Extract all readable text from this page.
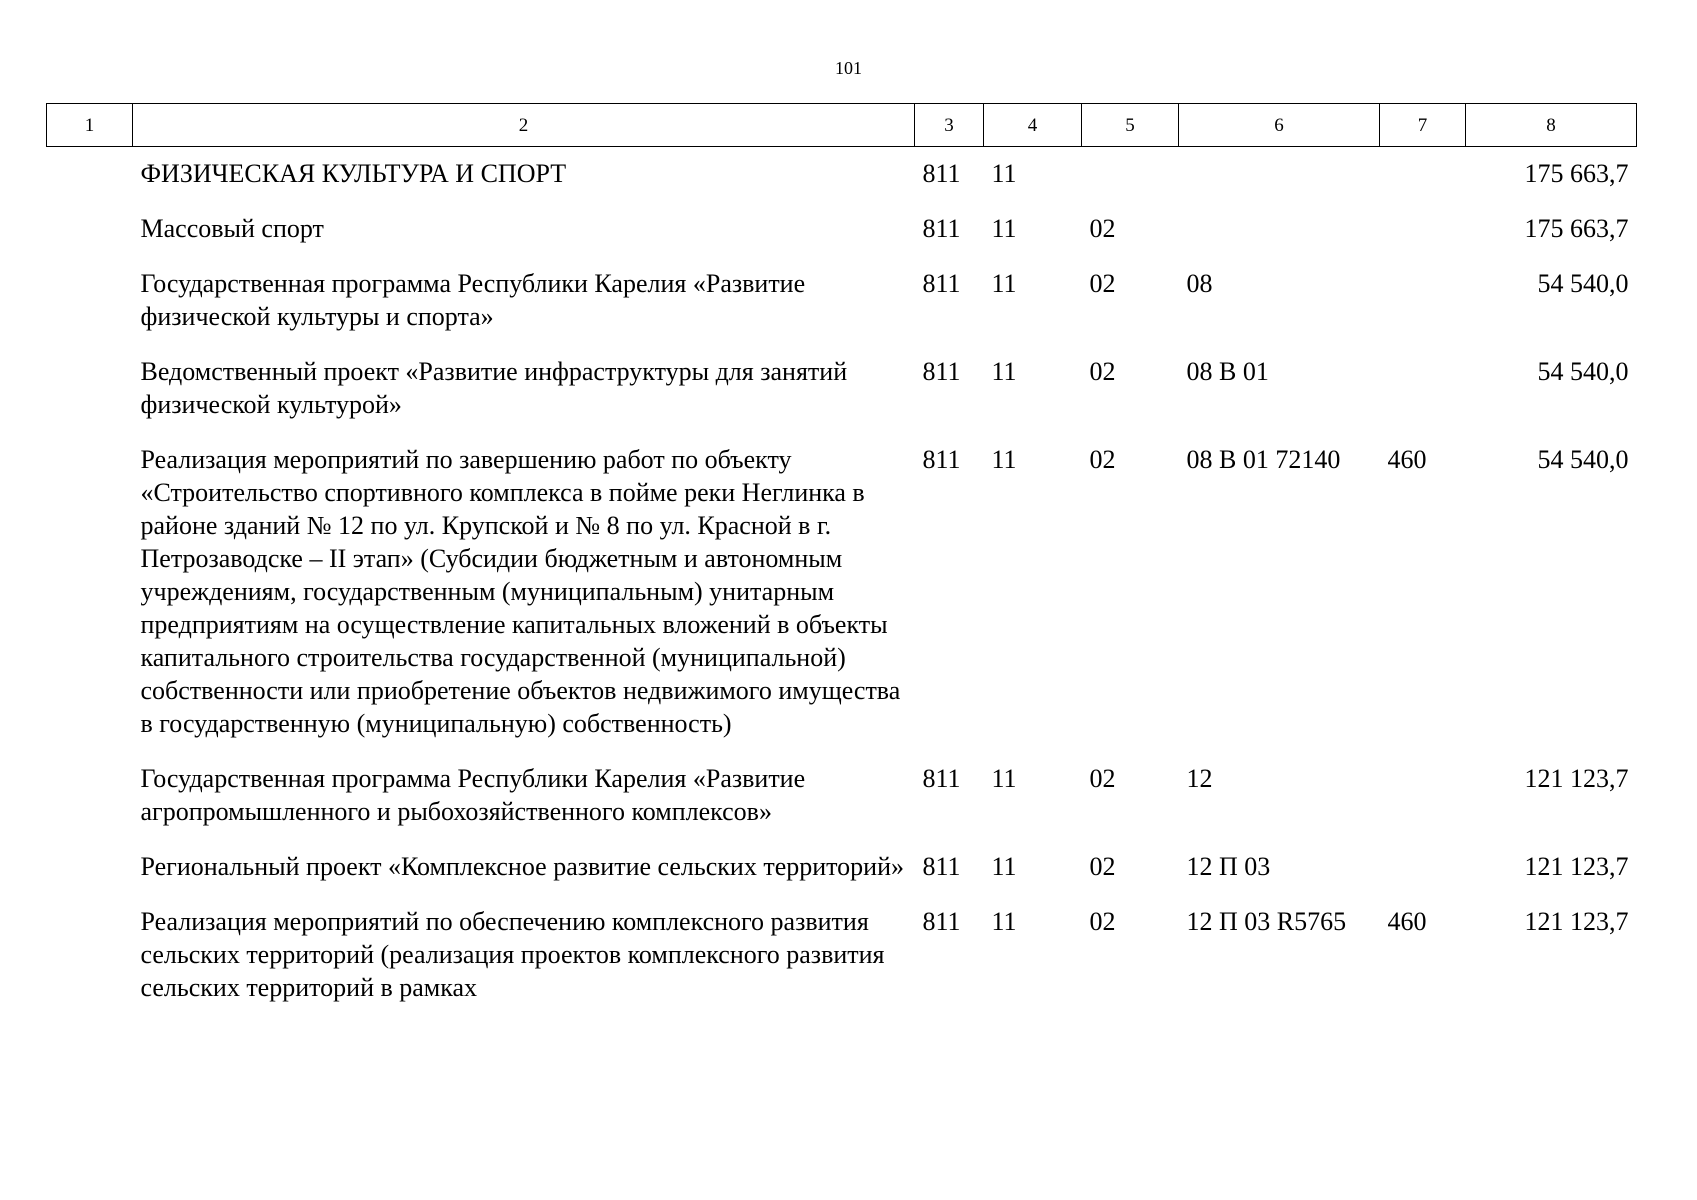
101
1	2	3	4	5	6	7	8
	ФИЗИЧЕСКАЯ КУЛЬТУРА И СПОРТ	811	11				175 663,7
	Массовый спорт	811	11	02			175 663,7
	Государственная программа Республики Карелия «Развитие физической культуры и спорта»	811	11	02	08		54 540,0
	Ведомственный проект «Развитие инфраструктуры для занятий физической культурой»	811	11	02	08 В 01		54 540,0
	Реализация мероприятий по завершению работ по объекту «Строительство спортивного комплекса в пойме реки Неглинка в районе зданий № 12 по ул. Крупской и № 8 по ул. Красной в г. Петрозаводске – II этап» (Субсидии бюджетным и автономным учреждениям, государственным (муниципальным) унитарным предприятиям на осуществление капитальных вложений в объекты капитального строительства государственной (муниципальной) собственности или приобретение объектов недвижимого имущества в государственную (муниципальную) собственность)	811	11	02	08 В 01 72140	460	54 540,0
	Государственная программа Республики Карелия «Развитие агропромышленного и рыбохозяйственного комплексов»	811	11	02	12		121 123,7
	Региональный проект «Комплексное развитие сельских территорий»	811	11	02	12 П 03		121 123,7
	Реализация мероприятий по обеспечению комплексного развития сельских территорий (реализация проектов комплексного развития сельских территорий в рамках	811	11	02	12 П 03 R5765	460	121 123,7
